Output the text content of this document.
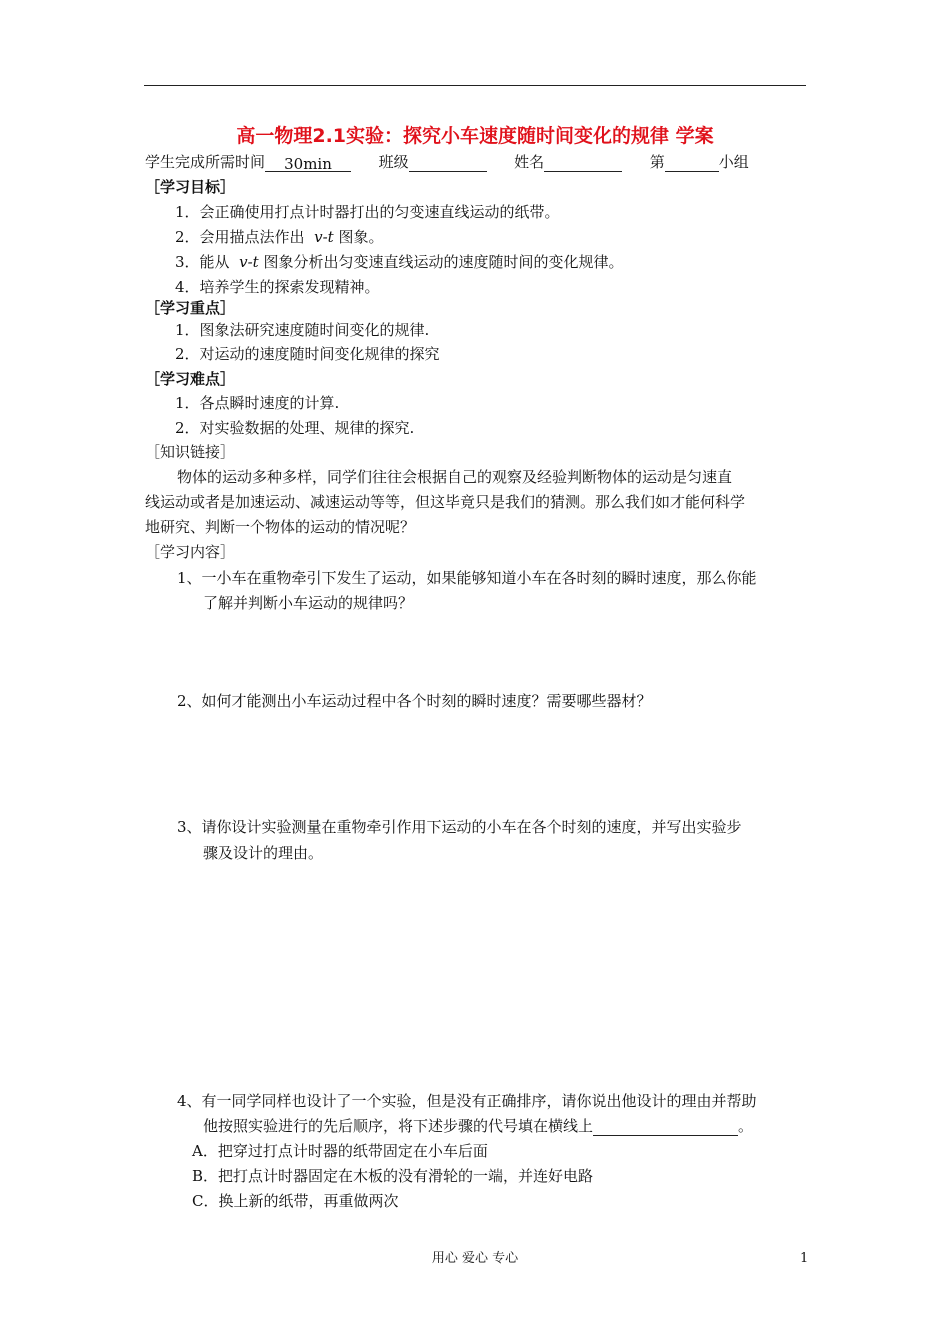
高一物理2.1实验：探究小车速度随时间变化的规律 学案
学生完成所需时间 30min	班级	姓名	第	小组
［学习目标］
1．会正确使用打点计时器打出的匀变速直线运动的纸带。
2．会用描点法作出 v-t 图象。
3．能从 v-t 图象分析出匀变速直线运动的速度随时间的变化规律。
4．培养学生的探索发现精神。
［学习重点］
1．图象法研究速度随时间变化的规律.
2．对运动的速度随时间变化规律的探究
［学习难点］
1．各点瞬时速度的计算.
2．对实验数据的处理、规律的探究.
［知识链接］
物体的运动多种多样，同学们往往会根据自己的观察及经验判断物体的运动是匀速直
线运动或者是加速运动、减速运动等等，但这毕竟只是我们的猜测。那么我们如才能何科学
地研究、判断一个物体的运动的情况呢？
［学习内容］
1、一小车在重物牵引下发生了运动，如果能够知道小车在各时刻的瞬时速度，那么你能
了解并判断小车运动的规律吗？
2、如何才能测出小车运动过程中各个时刻的瞬时速度？需要哪些器材？
3、请你设计实验测量在重物牵引作用下运动的小车在各个时刻的速度，并写出实验步
骤及设计的理由。
4、有一同学同样也设计了一个实验，但是没有正确排序，请你说出他设计的理由并帮助
他按照实验进行的先后顺序，将下述步骤的代号填在横线上	。
A．把穿过打点计时器的纸带固定在小车后面
B．把打点计时器固定在木板的没有滑轮的一端，并连好电路
C．换上新的纸带，再重做两次
用心 爱心 专心	1
